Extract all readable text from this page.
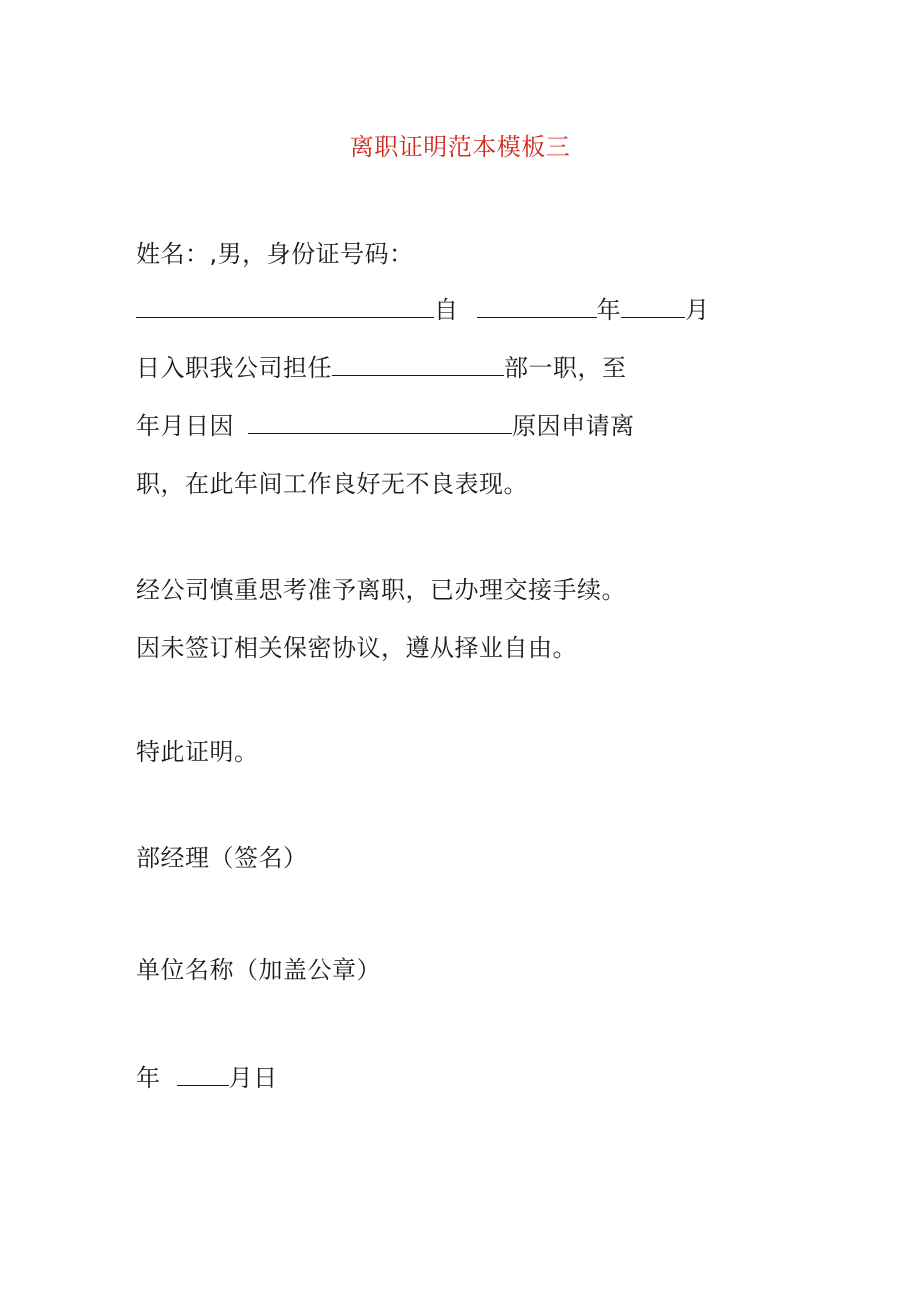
离职证明范本模板三
姓名：,男，身份证号码：
自	年	月
日入职我公司担任	部一职，至
年月日因	原因申请离
职，在此年间工作良好无不良表现。
经公司慎重思考准予离职，已办理交接手续。
因未签订相关保密协议，遵从择业自由。
特此证明。
部经理（签名）
单位名称（加盖公章）
年	月日
